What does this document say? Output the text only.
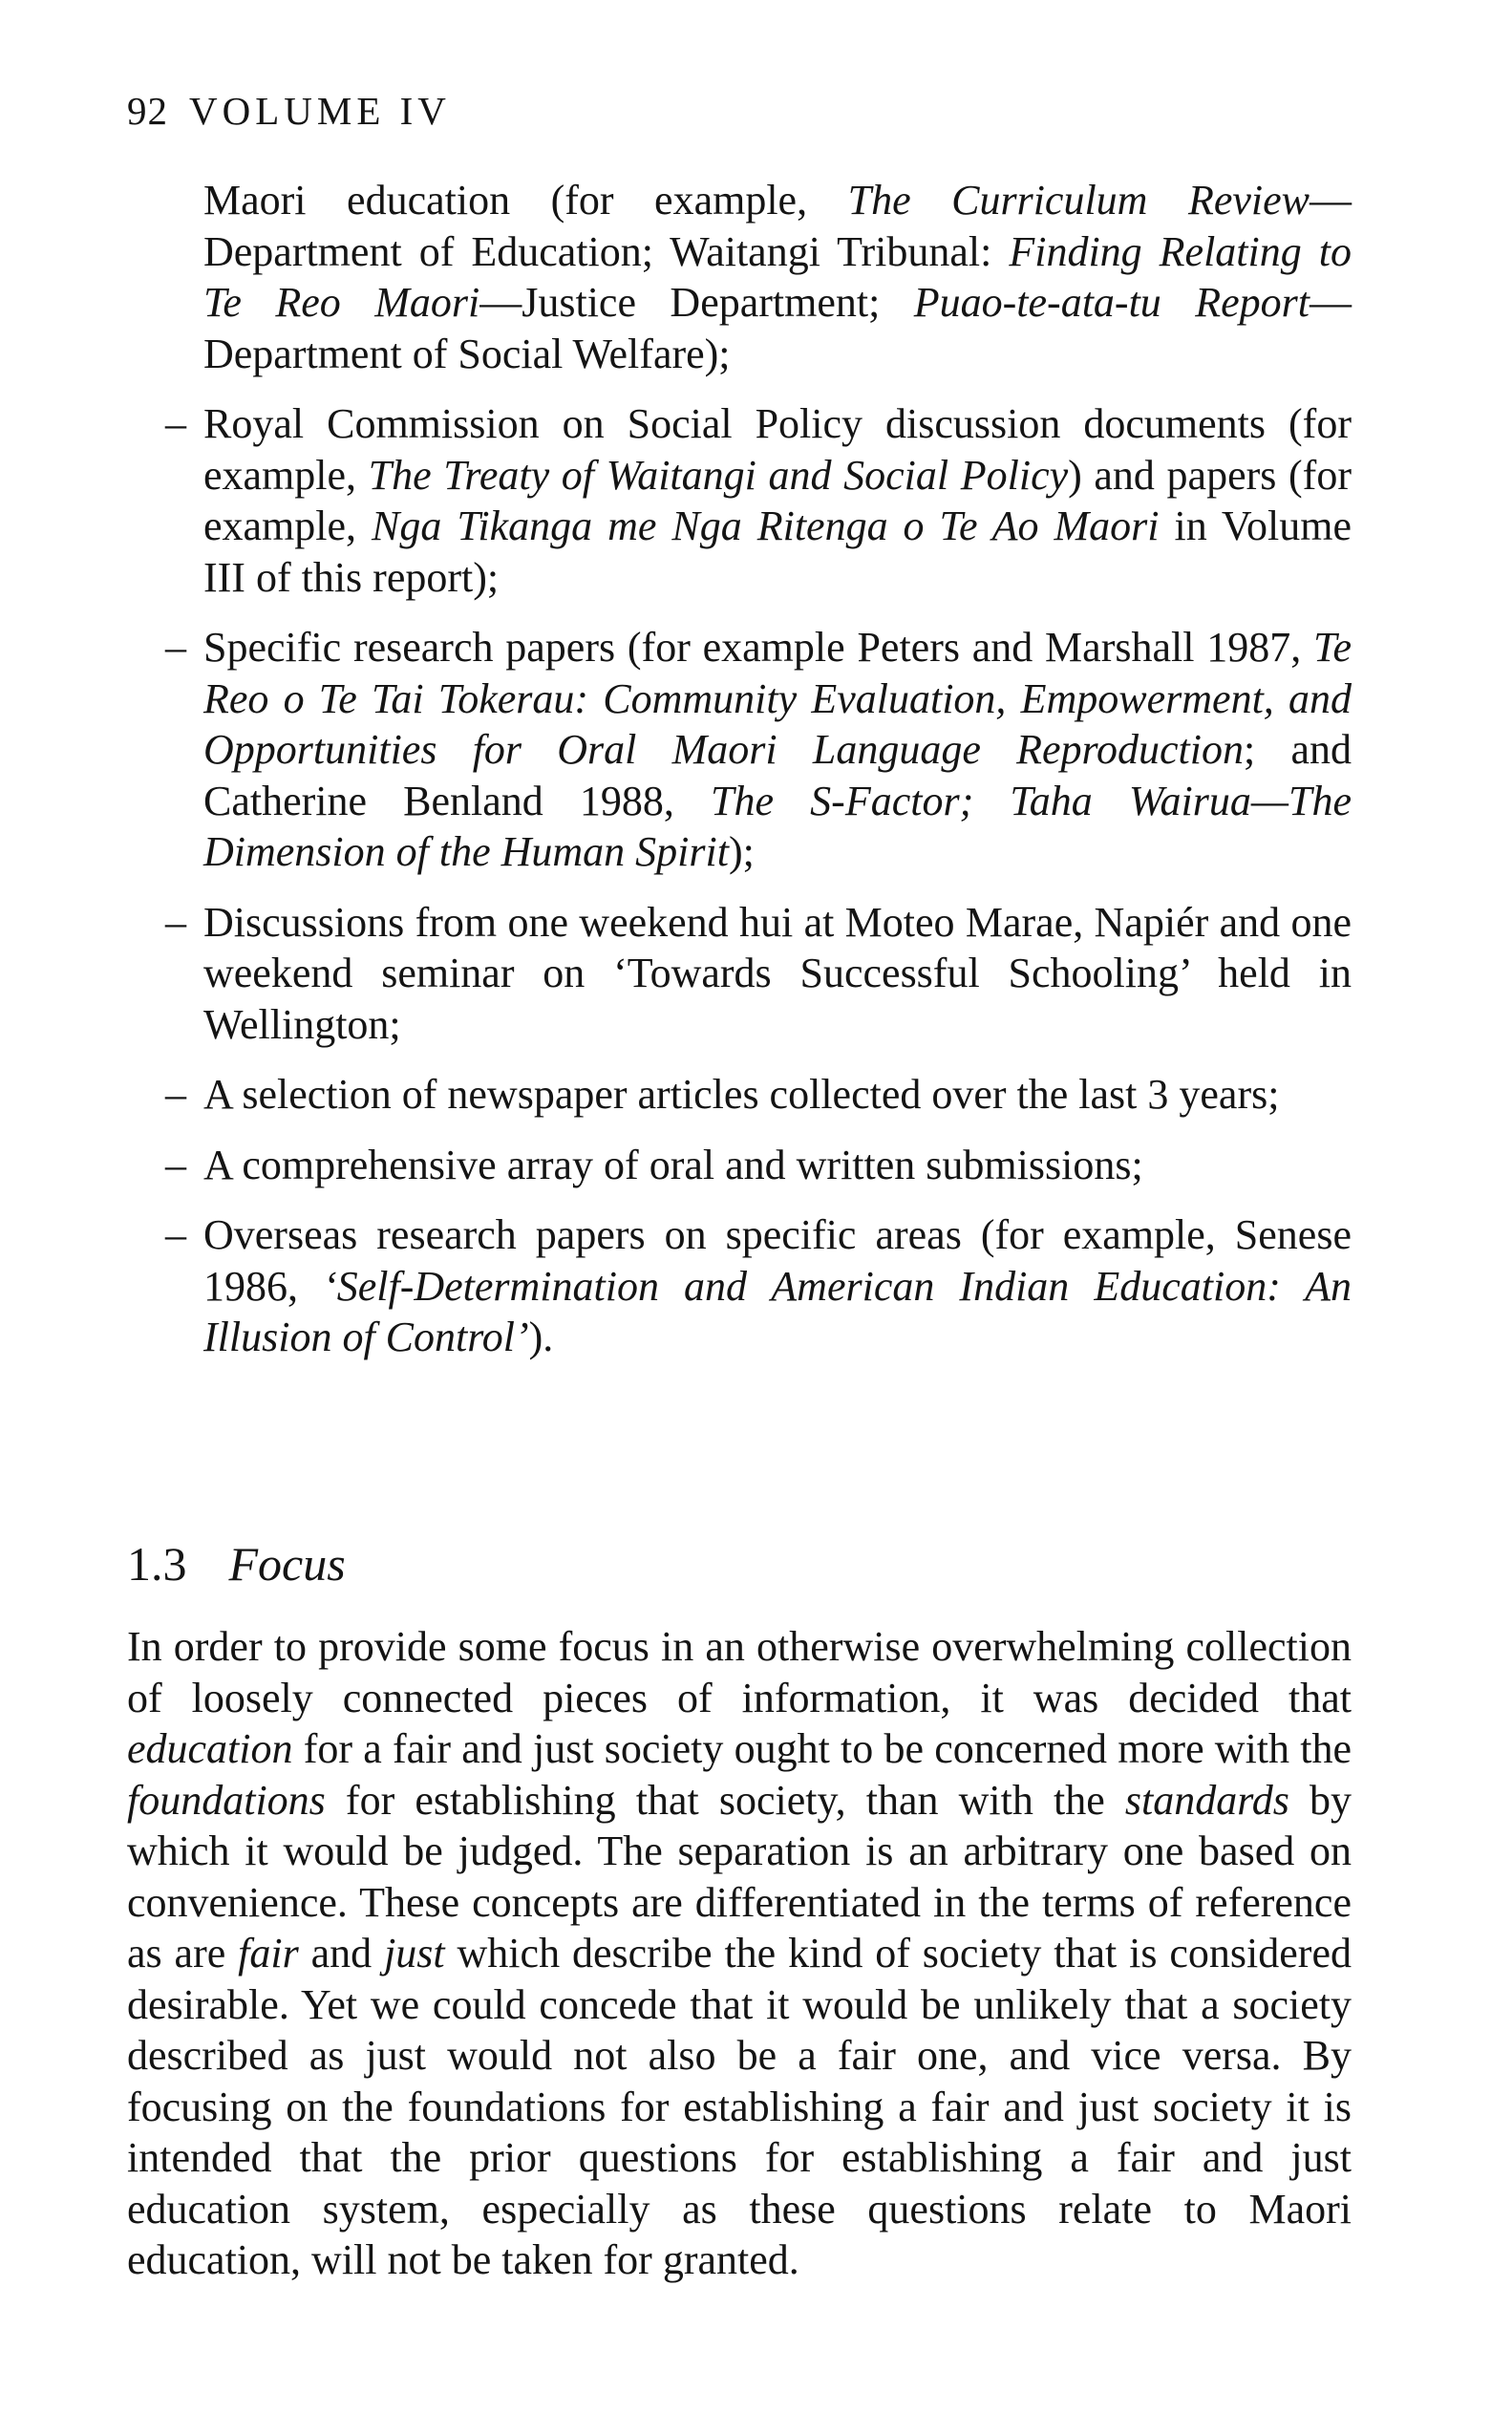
92 VOLUME IV
Maori education (for example, The Curriculum Review—Department of Education; Waitangi Tribunal: Finding Relating to Te Reo Maori—Justice Department; Puao-te-ata-tu Report—Department of Social Welfare);
– Royal Commission on Social Policy discussion documents (for example, The Treaty of Waitangi and Social Policy) and papers (for example, Nga Tikanga me Nga Ritenga o Te Ao Maori in Volume III of this report);
– Specific research papers (for example Peters and Marshall 1987, Te Reo o Te Tai Tokerau: Community Evaluation, Empowerment, and Opportunities for Oral Maori Language Reproduction; and Catherine Benland 1988, The S-Factor; Taha Wairua—The Dimension of the Human Spirit);
– Discussions from one weekend hui at Moteo Marae, Napiér and one weekend seminar on ‘Towards Successful Schooling’ held in Wellington;
– A selection of newspaper articles collected over the last 3 years;
– A comprehensive array of oral and written submissions;
– Overseas research papers on specific areas (for example, Senese 1986, ‘Self-Determination and American Indian Education: An Illusion of Control’).
1.3 Focus

In order to provide some focus in an otherwise overwhelming collection of loosely connected pieces of information, it was decided that education for a fair and just society ought to be concerned more with the foundations for establishing that society, than with the standards by which it would be judged. The separation is an arbitrary one based on convenience. These concepts are differentiated in the terms of reference as are fair and just which describe the kind of society that is considered desirable. Yet we could concede that it would be unlikely that a society described as just would not also be a fair one, and vice versa. By focusing on the foundations for establishing a fair and just society it is intended that the prior questions for establishing a fair and just education system, especially as these questions relate to Maori education, will not be taken for granted.
